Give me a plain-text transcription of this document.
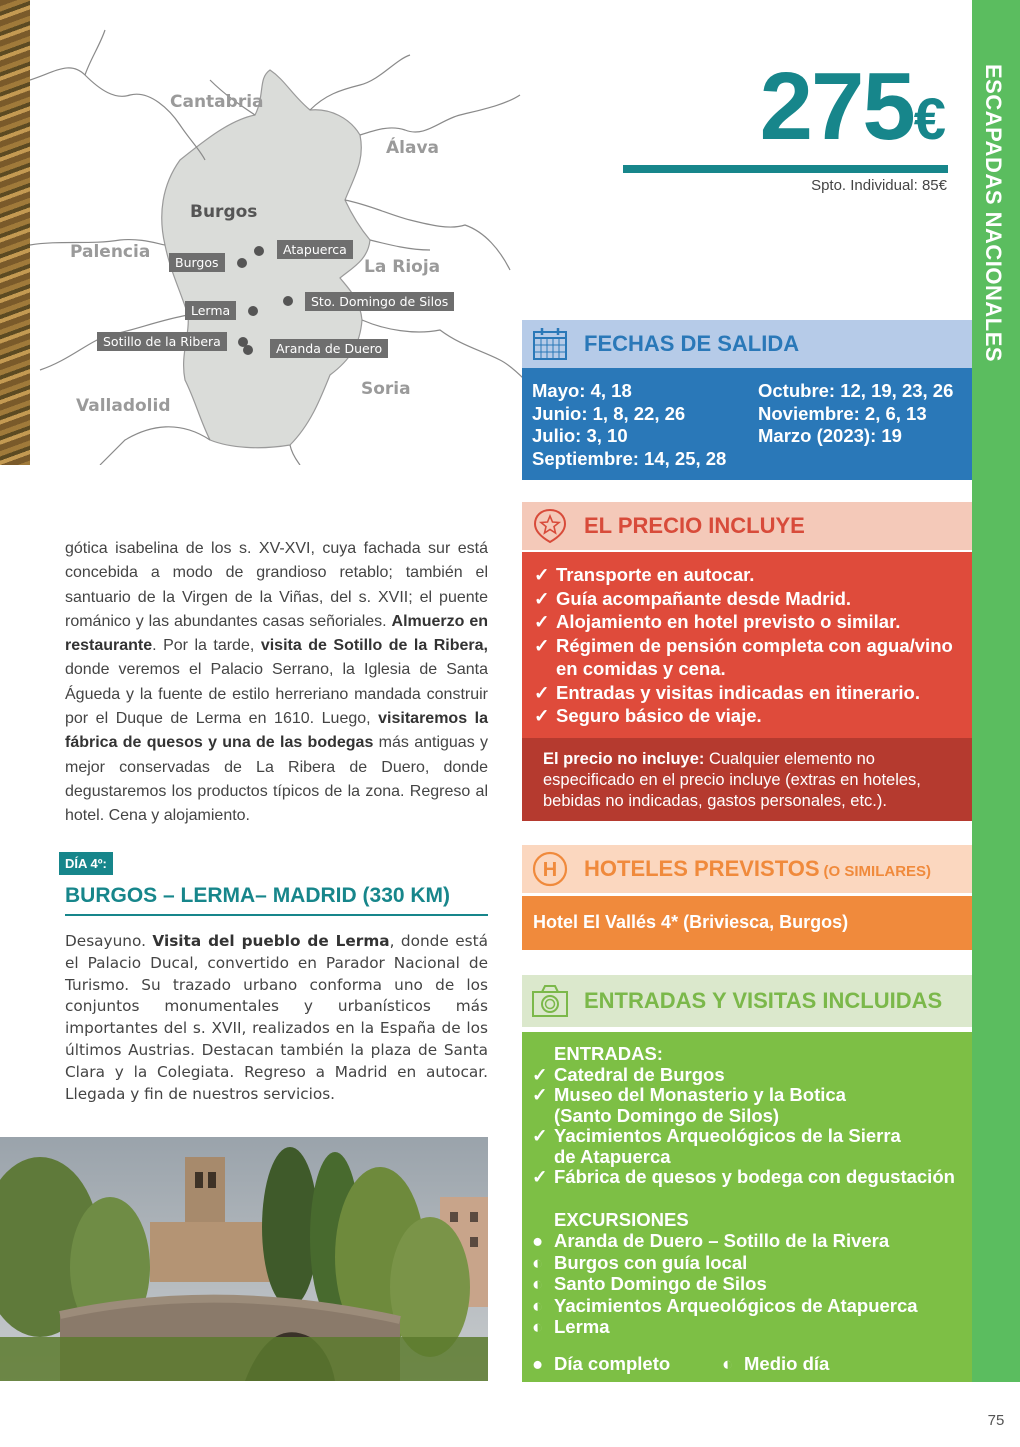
Cantabria
Álava
Palencia
La Rioja
Soria
Valladolid
Burgos
Burgos
Atapuerca
Lerma
Sto. Domingo de Silos
Sotillo de la Ribera	Aranda de Duero
275€
Spto. Individual: 85€
FECHAS DE SALIDA
Mayo: 4, 18
Junio: 1, 8, 22, 26
Julio: 3, 10
Septiembre: 14, 25, 28
Octubre: 12, 19, 23, 26
Noviembre: 2, 6, 13
Marzo (2023): 19
EL PRECIO INCLUYE
✓ Transporte en autocar.
✓ Guía acompañante desde Madrid.
✓ Alojamiento en hotel previsto o similar.
✓ Régimen de pensión completa con agua/vino en comidas y cena.
✓ Entradas y visitas indicadas en itinerario.
✓ Seguro básico de viaje.
El precio no incluye: Cualquier elemento no especificado en el precio incluye (extras en hoteles, bebidas no indicadas, gastos personales, etc.).
H HOTELES PREVISTOS (O SIMILARES)
Hotel El Vallés 4* (Briviesca, Burgos)
ENTRADAS Y VISITAS INCLUIDAS
ENTRADAS:
✓ Catedral de Burgos
✓ Museo del Monasterio y la Botica
(Santo Domingo de Silos)
✓ Yacimientos Arqueológicos de la Sierra
de Atapuerca
✓ Fábrica de quesos y bodega con degustación
EXCURSIONES
● Aranda de Duero – Sotillo de la Rivera
◐ Burgos con guía local
◐ Santo Domingo de Silos
◐ Yacimientos Arqueológicos de Atapuerca
◐ Lerma
● Día completo	◐ Medio día
ESCAPADAS NACIONALES
75
gótica isabelina de los s. XV-XVI, cuya fachada sur está concebida a modo de grandioso retablo; también el santuario de la Virgen de la Viñas, del s. XVII; el puente románico y las abundantes casas señoriales. Almuerzo en restaurante. Por la tarde, visita de Sotillo de la Ribera, donde veremos el Palacio Serrano, la Iglesia de Santa Águeda y la fuente de estilo herreriano mandada construir por el Duque de Lerma en 1610. Luego, visitaremos la fábrica de quesos y una de las bodegas más antiguas y mejor conservadas de La Ribera de Duero, donde degustaremos los productos típicos de la zona. Regreso al hotel. Cena y alojamiento.
DÍA 4º:
BURGOS – LERMA– MADRID (330 KM)
Desayuno. Visita del pueblo de Lerma, donde está el Palacio Ducal, convertido en Parador Nacional de Turismo. Su trazado urbano conforma uno de los conjuntos monumentales y urbanísticos más importantes del s. XVII, realizados en la España de los últimos Austrias. Destacan también la plaza de Santa Clara y la Colegiata. Regreso a Madrid en autocar. Llegada y fin de nuestros servicios.
